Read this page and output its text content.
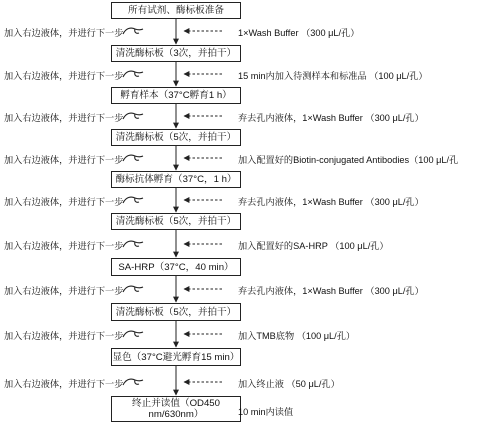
所有试剂、酶标板准备
清洗酶标板（3次，并拍干）
孵育样本（37°C孵育1 h）
清洗酶标板（5次，并拍干）
酶标抗体孵育（37°C，1 h）
清洗酶标板（5次，并拍干）
SA-HRP（37°C，40 min）
清洗酶标板（5次，并拍干）
显色（37°C避光孵育15 min）
终止并读值（OD450 nm/630nm）
加入右边液体，并进行下一步	1×Wash Buffer （300 μL/孔）
加入右边液体，并进行下一步	15 min内加入待测样本和标准品 （100 μL/孔）
加入右边液体，并进行下一步	弃去孔内液体，1×Wash Buffer （300 μL/孔）
加入右边液体，并进行下一步	加入配置好的Biotin-conjugated Antibodies（100 μL/孔
加入右边液体，并进行下一步	弃去孔内液体，1×Wash Buffer （300 μL/孔）
加入右边液体，并进行下一步	加入配置好的SA-HRP （100 μL/孔）
加入右边液体，并进行下一步	弃去孔内液体，1×Wash Buffer （300 μL/孔）
加入右边液体，并进行下一步	加入TMB底物 （100 μL/孔）
加入右边液体，并进行下一步	加入终止液 （50 μL/孔）
10 min内读值
